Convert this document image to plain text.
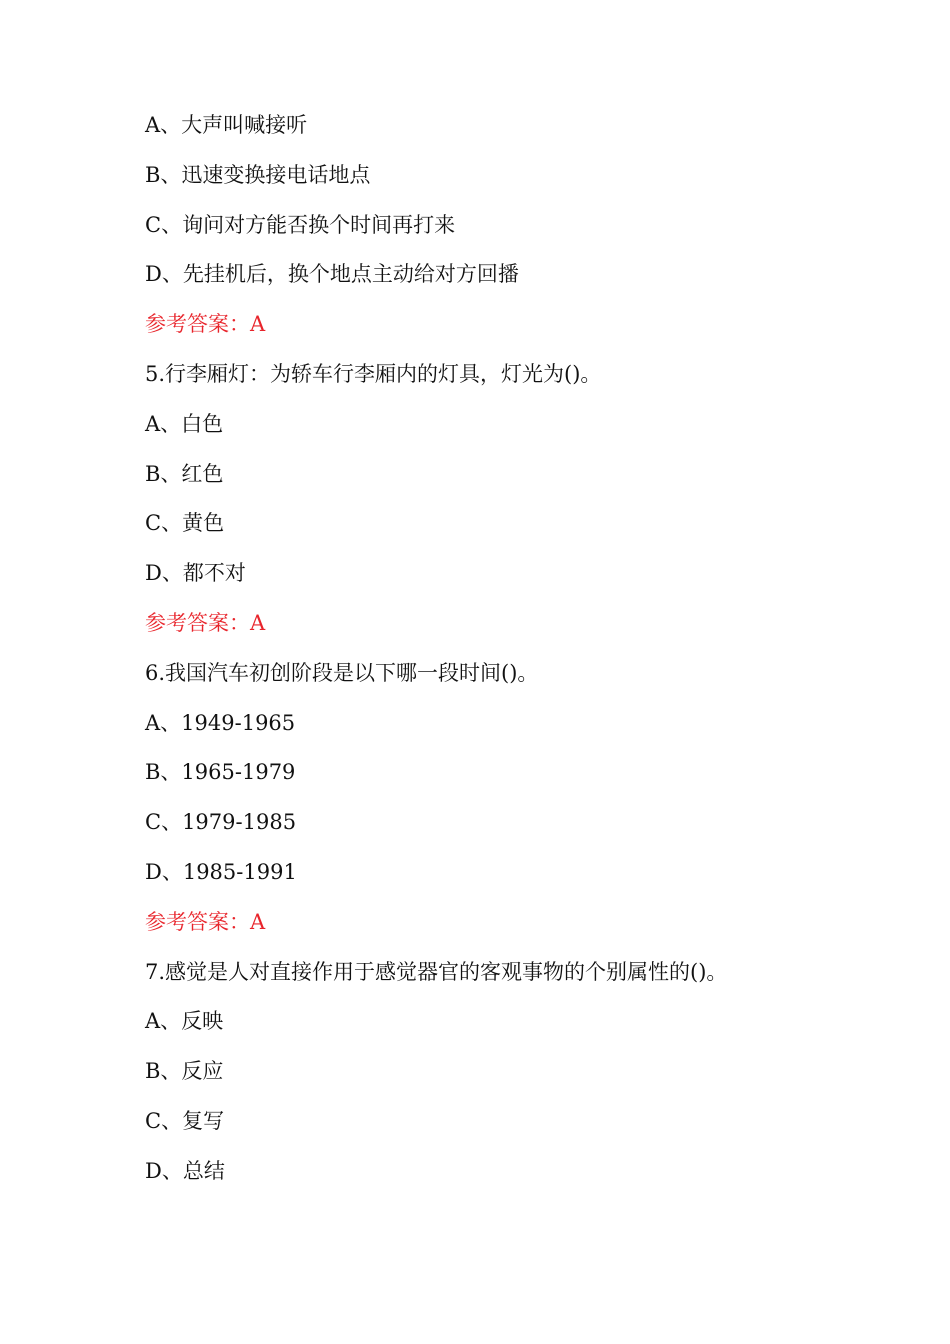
A、大声叫喊接听
B、迅速变换接电话地点
C、询问对方能否换个时间再打来
D、先挂机后，换个地点主动给对方回播
参考答案：A
5.行李厢灯：为轿车行李厢内的灯具，灯光为()。
A、白色
B、红色
C、黄色
D、都不对
参考答案：A
6.我国汽车初创阶段是以下哪一段时间()。
A、1949-1965
B、1965-1979
C、1979-1985
D、1985-1991
参考答案：A
7.感觉是人对直接作用于感觉器官的客观事物的个别属性的()。
A、反映
B、反应
C、复写
D、总结
